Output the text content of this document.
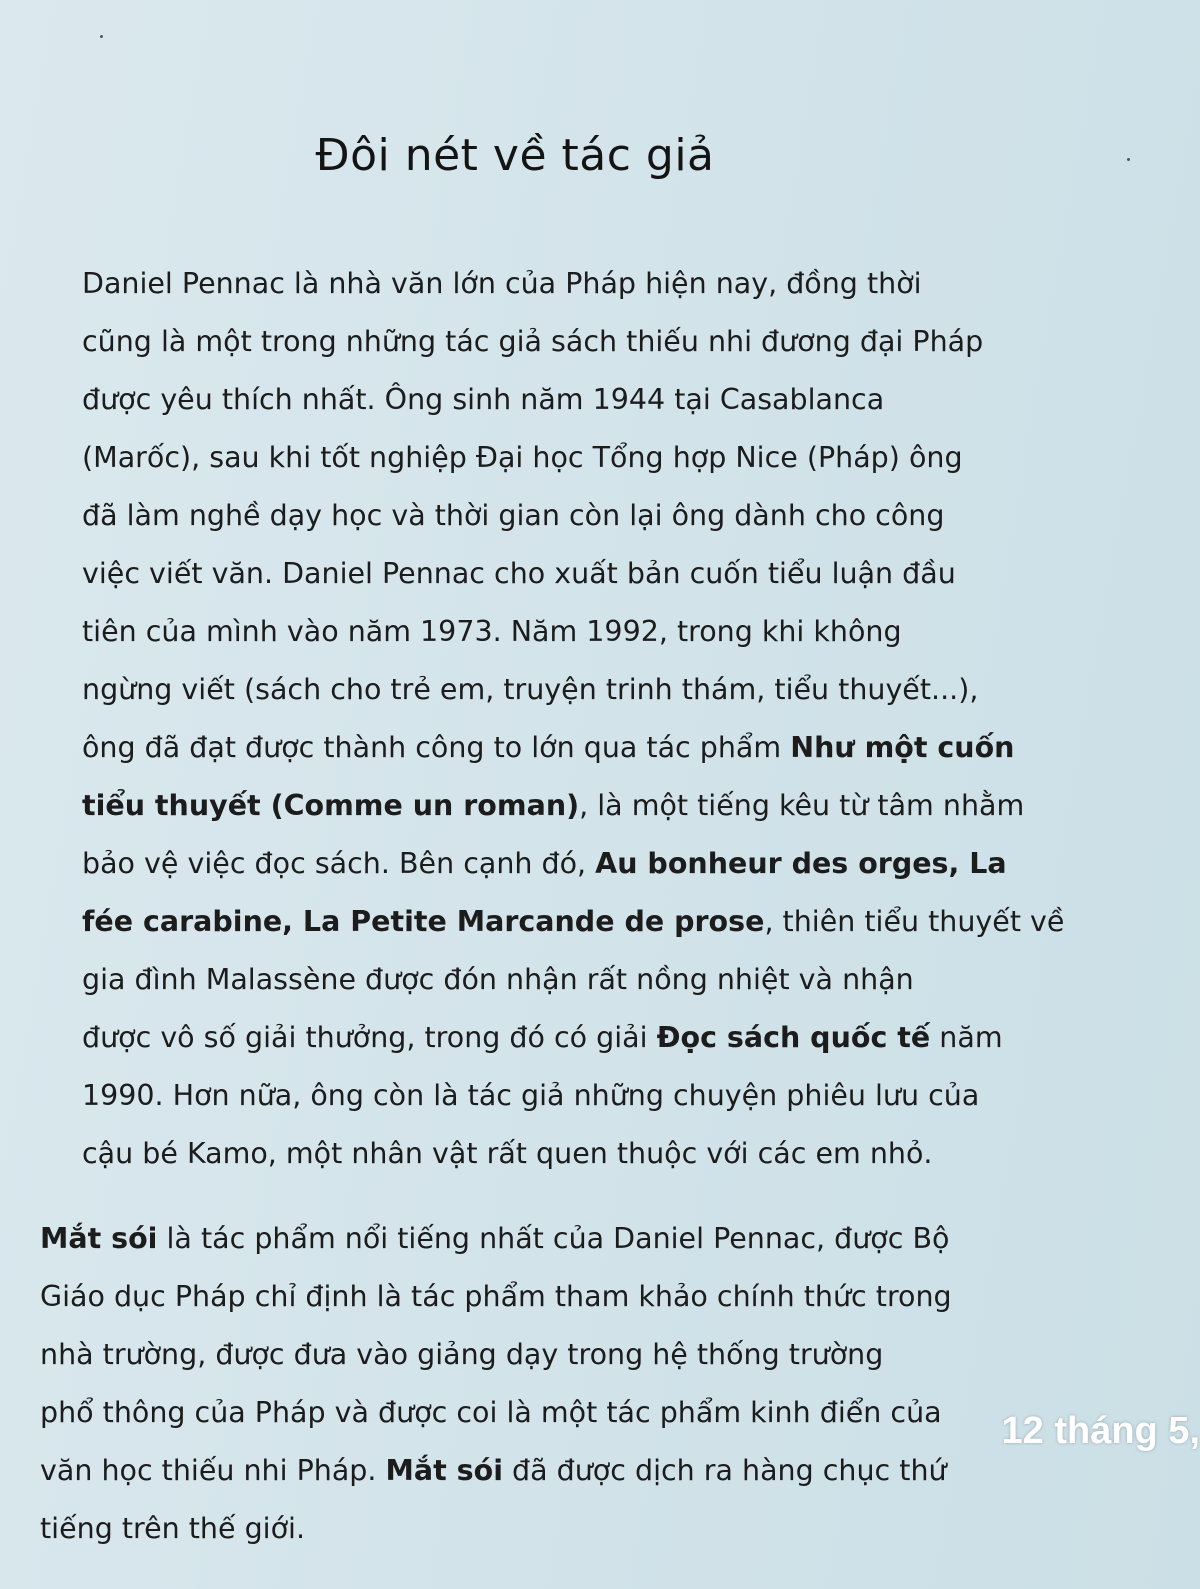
Đôi nét về tác giả
Daniel Pennac là nhà văn lớn của Pháp hiện nay, đồng thời
cũng là một trong những tác giả sách thiếu nhi đương đại Pháp
được yêu thích nhất. Ông sinh năm 1944 tại Casablanca
(Marốc), sau khi tốt nghiệp Đại học Tổng hợp Nice (Pháp) ông
đã làm nghề dạy học và thời gian còn lại ông dành cho công
việc viết văn. Daniel Pennac cho xuất bản cuốn tiểu luận đầu
tiên của mình vào năm 1973. Năm 1992, trong khi không
ngừng viết (sách cho trẻ em, truyện trinh thám, tiểu thuyết...),
ông đã đạt được thành công to lớn qua tác phẩm Như một cuốn
tiểu thuyết (Comme un roman), là một tiếng kêu từ tâm nhằm
bảo vệ việc đọc sách. Bên cạnh đó, Au bonheur des orges, La
fée carabine, La Petite Marcande de prose, thiên tiểu thuyết về
gia đình Malassène được đón nhận rất nồng nhiệt và nhận
được vô số giải thưởng, trong đó có giải Đọc sách quốc tế năm
1990. Hơn nữa, ông còn là tác giả những chuyện phiêu lưu của
cậu bé Kamo, một nhân vật rất quen thuộc với các em nhỏ.
Mắt sói là tác phẩm nổi tiếng nhất của Daniel Pennac, được Bộ
Giáo dục Pháp chỉ định là tác phẩm tham khảo chính thức trong
nhà trường, được đưa vào giảng dạy trong hệ thống trường
phổ thông của Pháp và được coi là một tác phẩm kinh điển của
văn học thiếu nhi Pháp. Mắt sói đã được dịch ra hàng chục thứ
tiếng trên thế giới.
12 tháng 5,
